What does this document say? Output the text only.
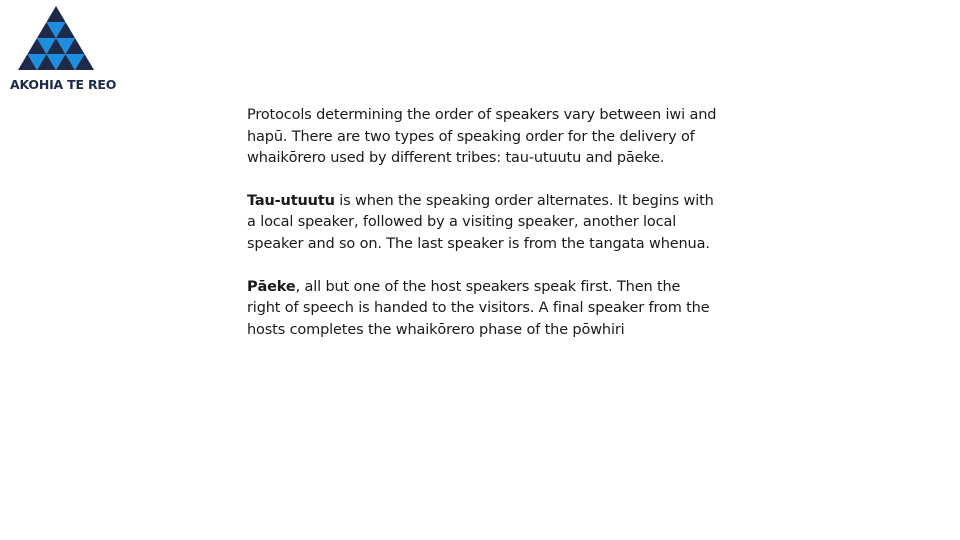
AKOHIA TE REO

Protocols determining the order of speakers vary between iwi and hapū. There are two types of speaking order for the delivery of whaikōrero used by different tribes: tau-utuutu and pāeke.

Tau-utuutu is when the speaking order alternates. It begins with a local speaker, followed by a visiting speaker, another local speaker and so on. The last speaker is from the tangata whenua.

Pāeke, all but one of the host speakers speak first. Then the right of speech is handed to the visitors. A final speaker from the hosts completes the whaikōrero phase of the pōwhiri
